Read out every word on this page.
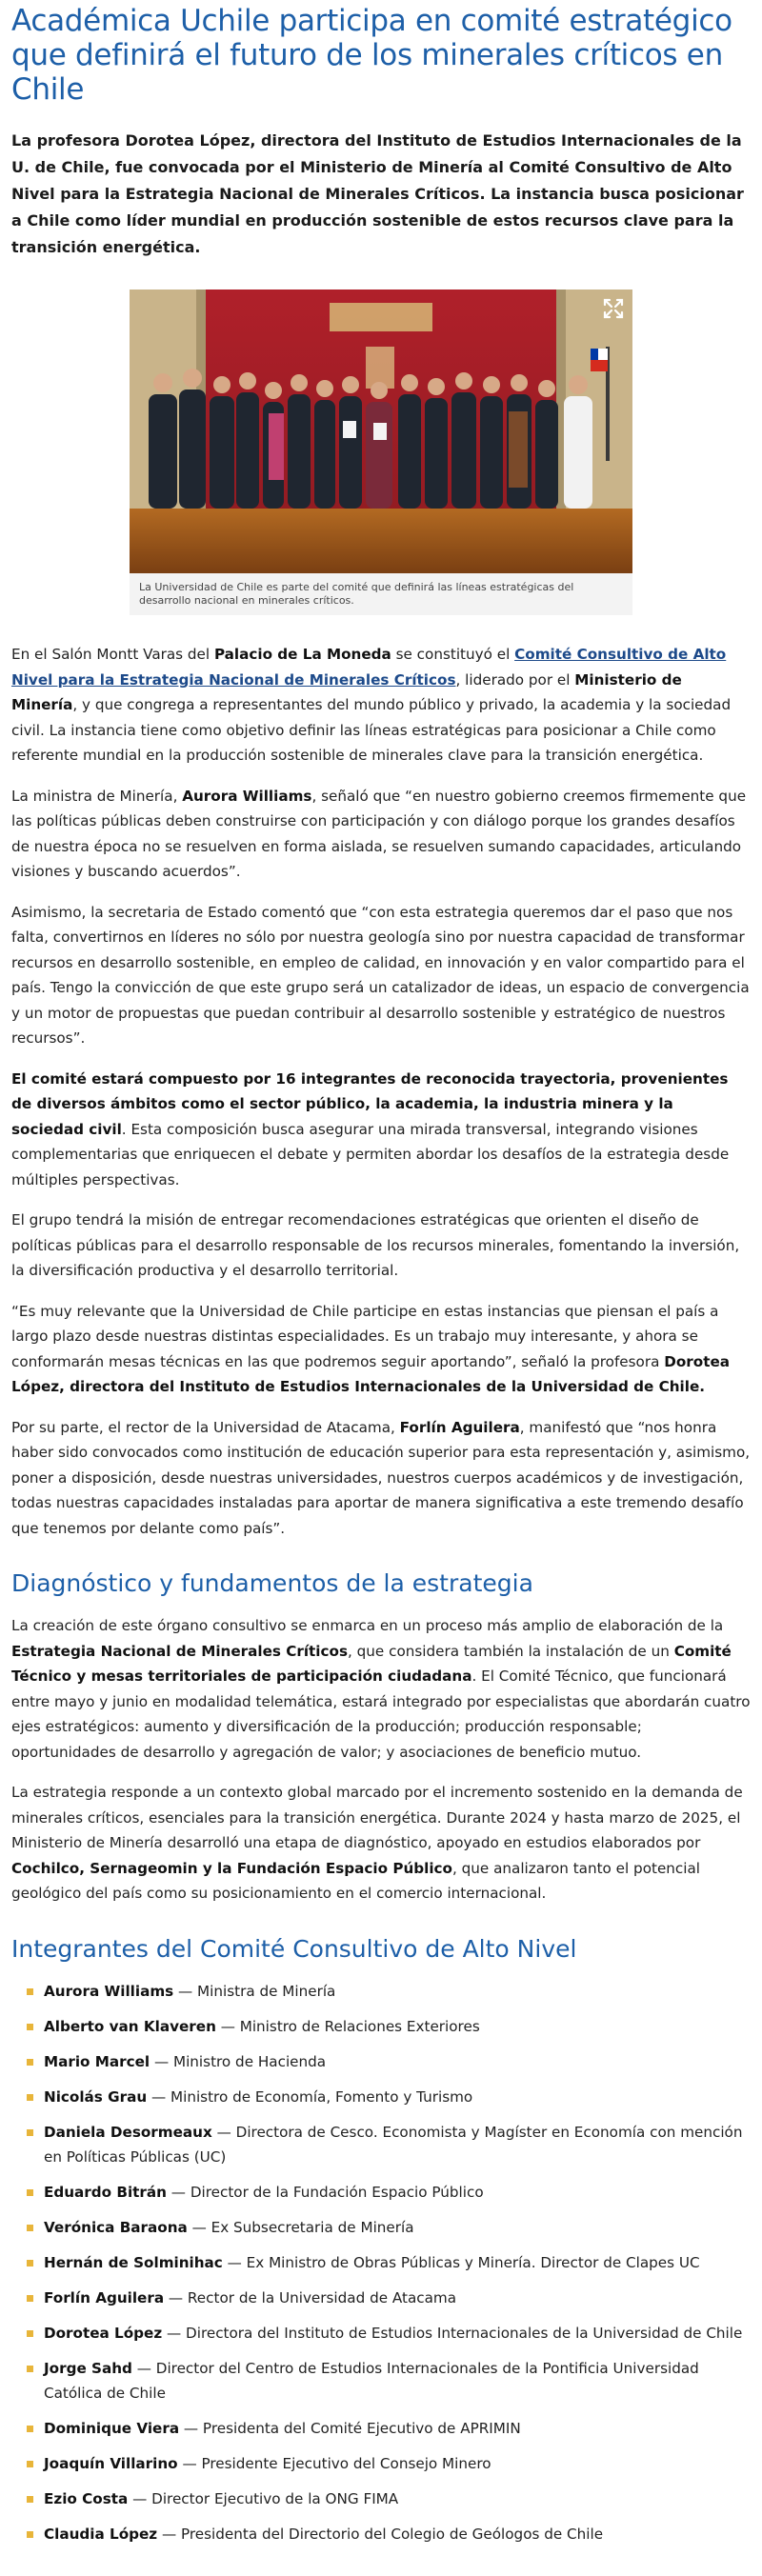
Académica Uchile participa en comité estratégico que definirá el futuro de los minerales críticos en Chile

La profesora Dorotea López, directora del Instituto de Estudios Internacionales de la U. de Chile, fue convocada por el Ministerio de Minería al Comité Consultivo de Alto Nivel para la Estrategia Nacional de Minerales Críticos. La instancia busca posicionar a Chile como líder mundial en producción sostenible de estos recursos clave para la transición energética.

La Universidad de Chile es parte del comité que definirá las líneas estratégicas del desarrollo nacional en minerales críticos.

En el Salón Montt Varas del Palacio de La Moneda se constituyó el Comité Consultivo de Alto Nivel para la Estrategia Nacional de Minerales Críticos, liderado por el Ministerio de Minería, y que congrega a representantes del mundo público y privado, la academia y la sociedad civil. La instancia tiene como objetivo definir las líneas estratégicas para posicionar a Chile como referente mundial en la producción sostenible de minerales clave para la transición energética.

La ministra de Minería, Aurora Williams, señaló que “en nuestro gobierno creemos firmemente que las políticas públicas deben construirse con participación y con diálogo porque los grandes desafíos de nuestra época no se resuelven en forma aislada, se resuelven sumando capacidades, articulando visiones y buscando acuerdos”.

Asimismo, la secretaria de Estado comentó que “con esta estrategia queremos dar el paso que nos falta, convertirnos en líderes no sólo por nuestra geología sino por nuestra capacidad de transformar recursos en desarrollo sostenible, en empleo de calidad, en innovación y en valor compartido para el país. Tengo la convicción de que este grupo será un catalizador de ideas, un espacio de convergencia y un motor de propuestas que puedan contribuir al desarrollo sostenible y estratégico de nuestros recursos”.

El comité estará compuesto por 16 integrantes de reconocida trayectoria, provenientes de diversos ámbitos como el sector público, la academia, la industria minera y la sociedad civil. Esta composición busca asegurar una mirada transversal, integrando visiones complementarias que enriquecen el debate y permiten abordar los desafíos de la estrategia desde múltiples perspectivas.

El grupo tendrá la misión de entregar recomendaciones estratégicas que orienten el diseño de políticas públicas para el desarrollo responsable de los recursos minerales, fomentando la inversión, la diversificación productiva y el desarrollo territorial.

“Es muy relevante que la Universidad de Chile participe en estas instancias que piensan el país a largo plazo desde nuestras distintas especialidades. Es un trabajo muy interesante, y ahora se conformarán mesas técnicas en las que podremos seguir aportando”, señaló la profesora Dorotea López, directora del Instituto de Estudios Internacionales de la Universidad de Chile.

Por su parte, el rector de la Universidad de Atacama, Forlín Aguilera, manifestó que “nos honra haber sido convocados como institución de educación superior para esta representación y, asimismo, poner a disposición, desde nuestras universidades, nuestros cuerpos académicos y de investigación, todas nuestras capacidades instaladas para aportar de manera significativa a este tremendo desafío que tenemos por delante como país”.

Diagnóstico y fundamentos de la estrategia

La creación de este órgano consultivo se enmarca en un proceso más amplio de elaboración de la Estrategia Nacional de Minerales Críticos, que considera también la instalación de un Comité Técnico y mesas territoriales de participación ciudadana. El Comité Técnico, que funcionará entre mayo y junio en modalidad telemática, estará integrado por especialistas que abordarán cuatro ejes estratégicos: aumento y diversificación de la producción; producción responsable; oportunidades de desarrollo y agregación de valor; y asociaciones de beneficio mutuo.

La estrategia responde a un contexto global marcado por el incremento sostenido en la demanda de minerales críticos, esenciales para la transición energética. Durante 2024 y hasta marzo de 2025, el Ministerio de Minería desarrolló una etapa de diagnóstico, apoyado en estudios elaborados por Cochilco, Sernageomin y la Fundación Espacio Público, que analizaron tanto el potencial geológico del país como su posicionamiento en el comercio internacional.

Integrantes del Comité Consultivo de Alto Nivel
Aurora Williams — Ministra de Minería
Alberto van Klaveren — Ministro de Relaciones Exteriores
Mario Marcel — Ministro de Hacienda
Nicolás Grau — Ministro de Economía, Fomento y Turismo
Daniela Desormeaux — Directora de Cesco. Economista y Magíster en Economía con mención en Políticas Públicas (UC)
Eduardo Bitrán — Director de la Fundación Espacio Público
Verónica Baraona — Ex Subsecretaria de Minería
Hernán de Solminihac — Ex Ministro de Obras Públicas y Minería. Director de Clapes UC
Forlín Aguilera — Rector de la Universidad de Atacama
Dorotea López — Directora del Instituto de Estudios Internacionales de la Universidad de Chile
Jorge Sahd — Director del Centro de Estudios Internacionales de la Pontificia Universidad Católica de Chile
Dominique Viera — Presidenta del Comité Ejecutivo de APRIMIN
Joaquín Villarino — Presidente Ejecutivo del Consejo Minero
Ezio Costa — Director Ejecutivo de la ONG FIMA
Claudia López — Presidenta del Directorio del Colegio de Geólogos de Chile
